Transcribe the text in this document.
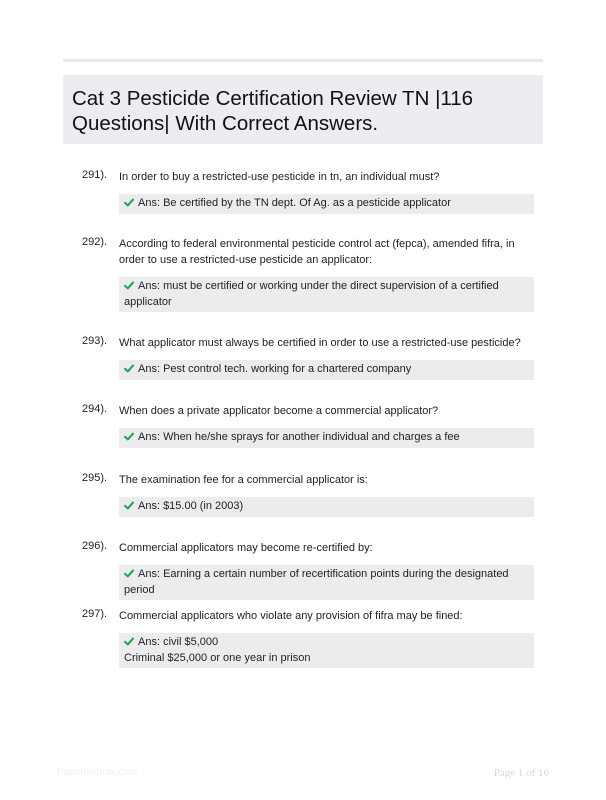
Cat 3 Pesticide Certification Review TN |116 Questions| With Correct Answers.
291). In order to buy a restricted-use pesticide in tn, an individual must?
Ans: Be certified by the TN dept. Of Ag. as a pesticide applicator
292). According to federal environmental pesticide control act (fepca), amended fifra, in order to use a restricted-use pesticide an applicator:
Ans: must be certified or working under the direct supervision of a certified applicator
293). What applicator must always be certified in order to use a restricted-use pesticide?
Ans: Pest control tech. working for a chartered company
294). When does a private applicator become a commercial applicator?
Ans: When he/she sprays for another individual and charges a fee
295). The examination fee for a commercial applicator is:
Ans: $15.00 (in 2003)
296). Commercial applicators may become re-certified by:
Ans: Earning a certain number of recertification points during the designated period
297). Commercial applicators who violate any provision of fifra may be fined:
Ans: civil $5,000
Criminal $25,000 or one year in prison
PaperNebula.com	Page 1 of 16
